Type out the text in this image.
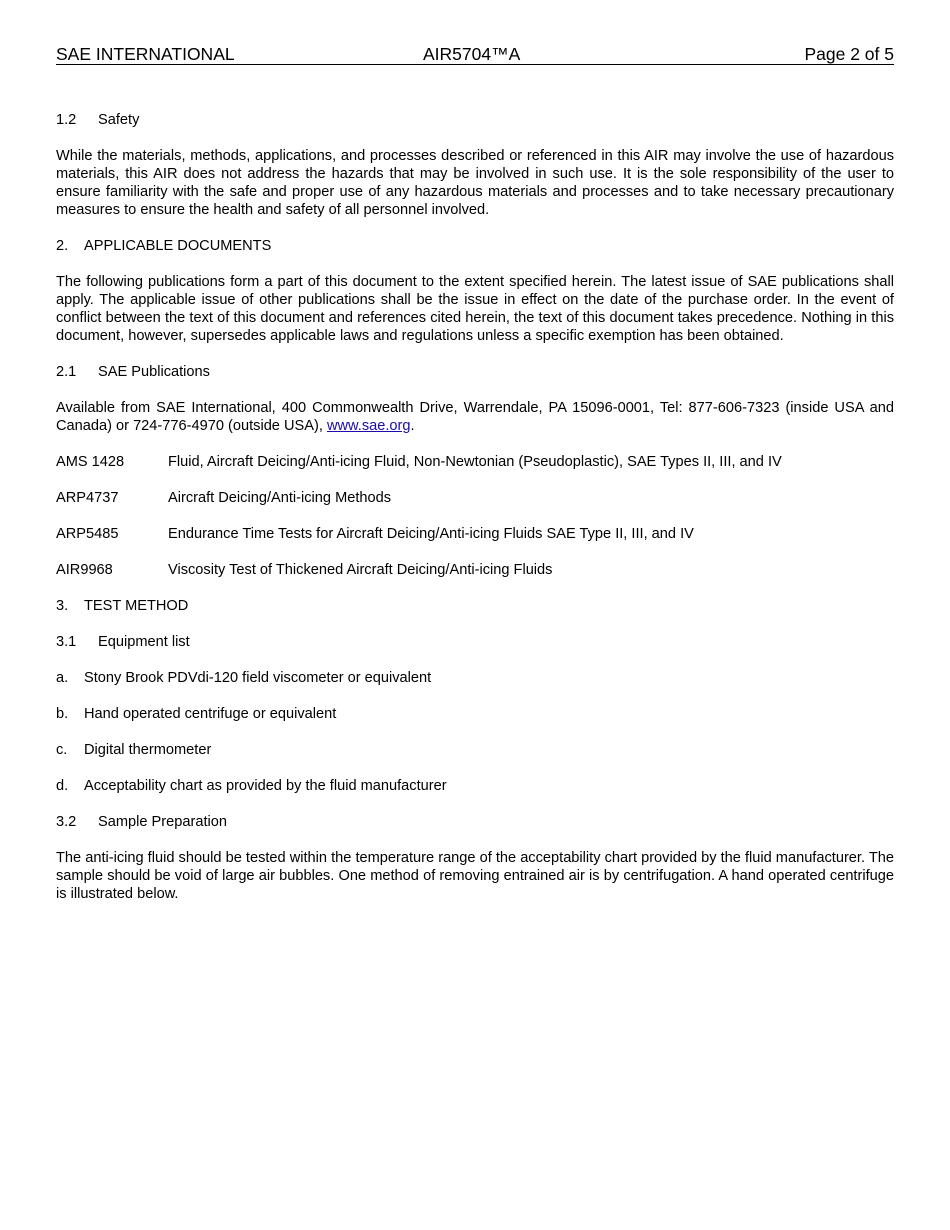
SAE INTERNATIONAL	AIR5704™A	Page 2 of 5
1.2 Safety

While the materials, methods, applications, and processes described or referenced in this AIR may involve the use of hazardous materials, this AIR does not address the hazards that may be involved in such use. It is the sole responsibility of the user to ensure familiarity with the safe and proper use of any hazardous materials and processes and to take necessary precautionary measures to ensure the health and safety of all personnel involved.

2. APPLICABLE DOCUMENTS

The following publications form a part of this document to the extent specified herein. The latest issue of SAE publications shall apply. The applicable issue of other publications shall be the issue in effect on the date of the purchase order. In the event of conflict between the text of this document and references cited herein, the text of this document takes precedence. Nothing in this document, however, supersedes applicable laws and regulations unless a specific exemption has been obtained.

2.1 SAE Publications

Available from SAE International, 400 Commonwealth Drive, Warrendale, PA 15096-0001, Tel: 877-606-7323 (inside USA and Canada) or 724-776-4970 (outside USA), www.sae.org.

AMS 1428	Fluid, Aircraft Deicing/Anti-icing Fluid, Non-Newtonian (Pseudoplastic), SAE Types II, III, and IV
ARP4737	Aircraft Deicing/Anti-icing Methods
ARP5485	Endurance Time Tests for Aircraft Deicing/Anti-icing Fluids SAE Type II, III, and IV
AIR9968	Viscosity Test of Thickened Aircraft Deicing/Anti-icing Fluids
3. TEST METHOD
3.1 Equipment list
a. Stony Brook PDVdi-120 field viscometer or equivalent
b. Hand operated centrifuge or equivalent
c. Digital thermometer
d. Acceptability chart as provided by the fluid manufacturer
3.2 Sample Preparation

The anti-icing fluid should be tested within the temperature range of the acceptability chart provided by the fluid manufacturer. The sample should be void of large air bubbles. One method of removing entrained air is by centrifugation. A hand operated centrifuge is illustrated below.
